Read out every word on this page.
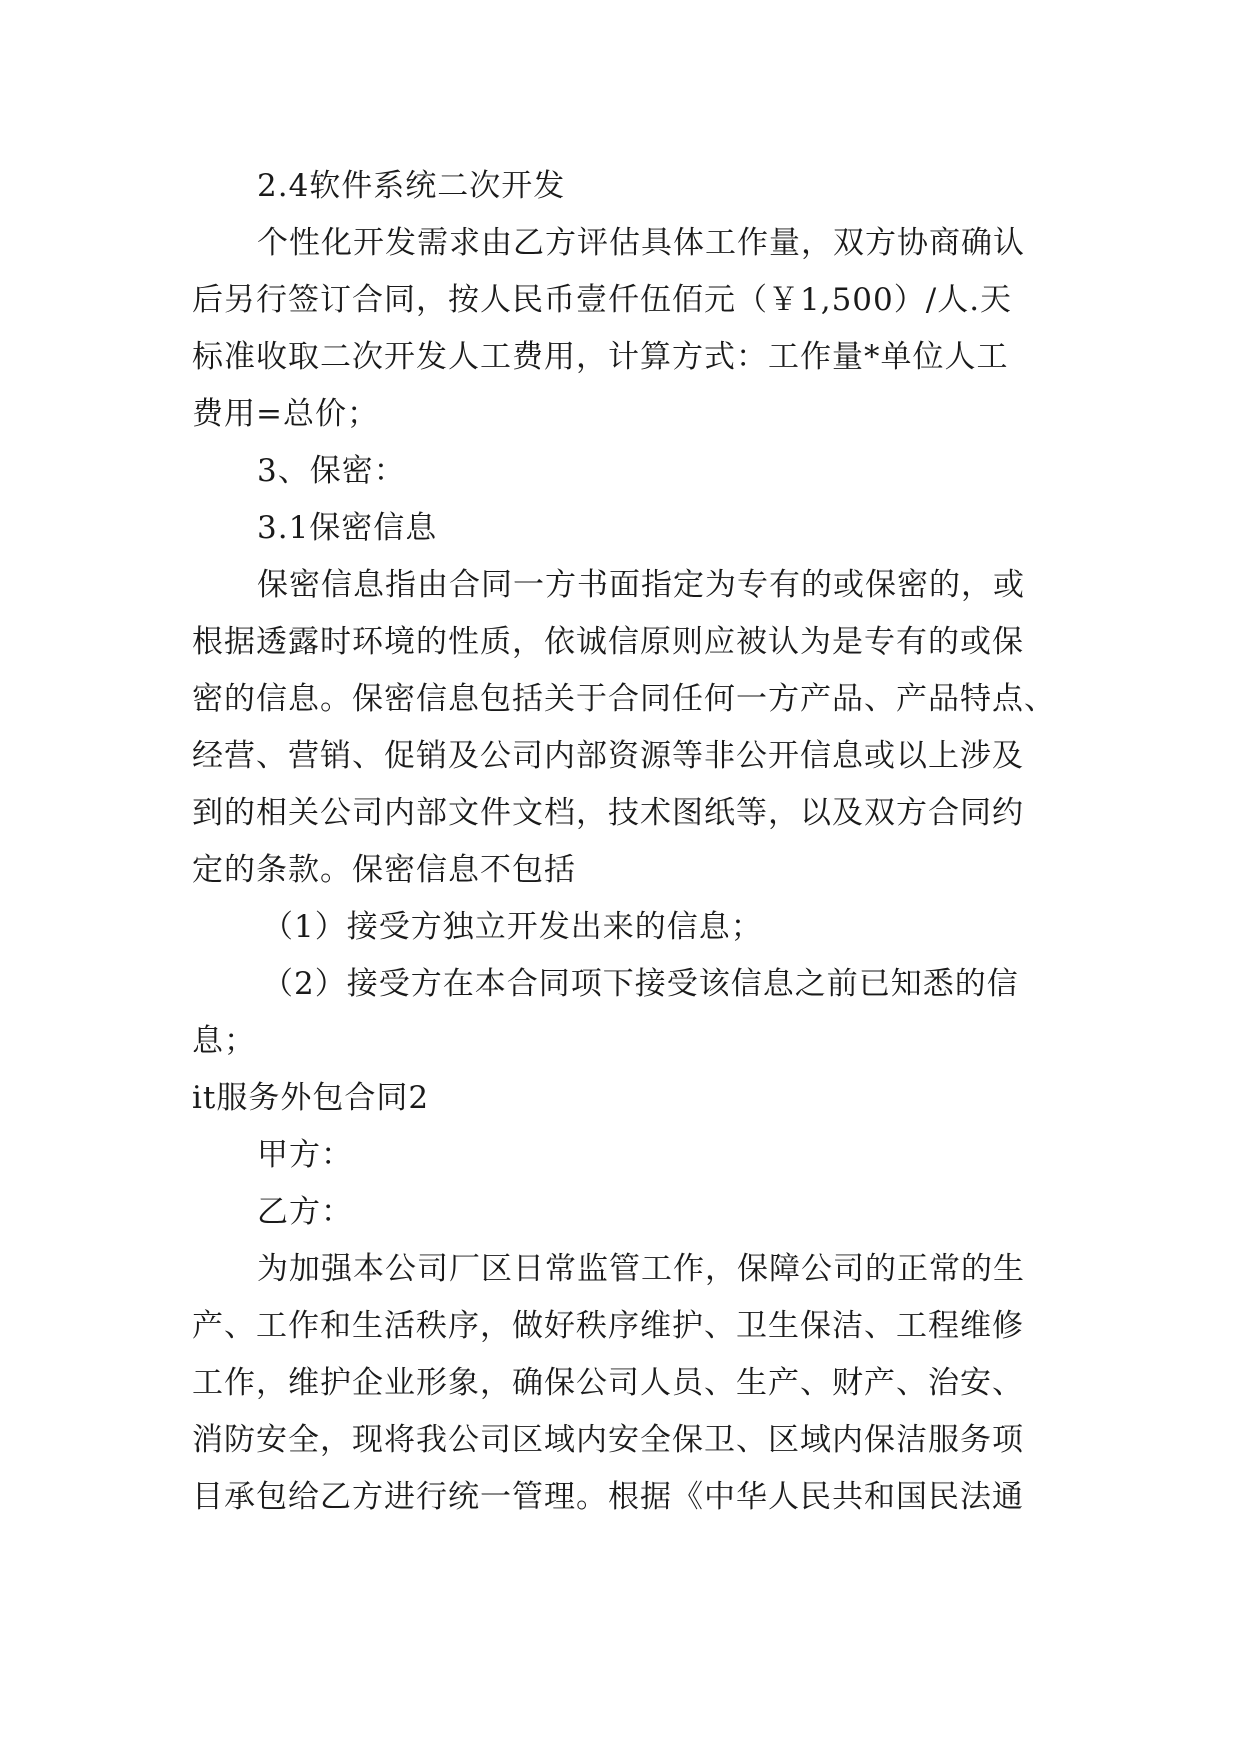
2.4软件系统二次开发
个性化开发需求由乙方评估具体工作量，双方协商确认
后另行签订合同，按人民币壹仟伍佰元（￥1,500）/人.天
标准收取二次开发人工费用，计算方式：工作量*单位人工
费用=总价；
3、保密：
3.1保密信息
保密信息指由合同一方书面指定为专有的或保密的，或
根据透露时环境的性质，依诚信原则应被认为是专有的或保
密的信息。保密信息包括关于合同任何一方产品、产品特点、
经营、营销、促销及公司内部资源等非公开信息或以上涉及
到的相关公司内部文件文档，技术图纸等，以及双方合同约
定的条款。保密信息不包括
（1）接受方独立开发出来的信息；
（2）接受方在本合同项下接受该信息之前已知悉的信
息；
it服务外包合同2
甲方：
乙方：
为加强本公司厂区日常监管工作，保障公司的正常的生
产、工作和生活秩序，做好秩序维护、卫生保洁、工程维修
工作，维护企业形象，确保公司人员、生产、财产、治安、
消防安全，现将我公司区域内安全保卫、区域内保洁服务项
目承包给乙方进行统一管理。根据《中华人民共和国民法通
